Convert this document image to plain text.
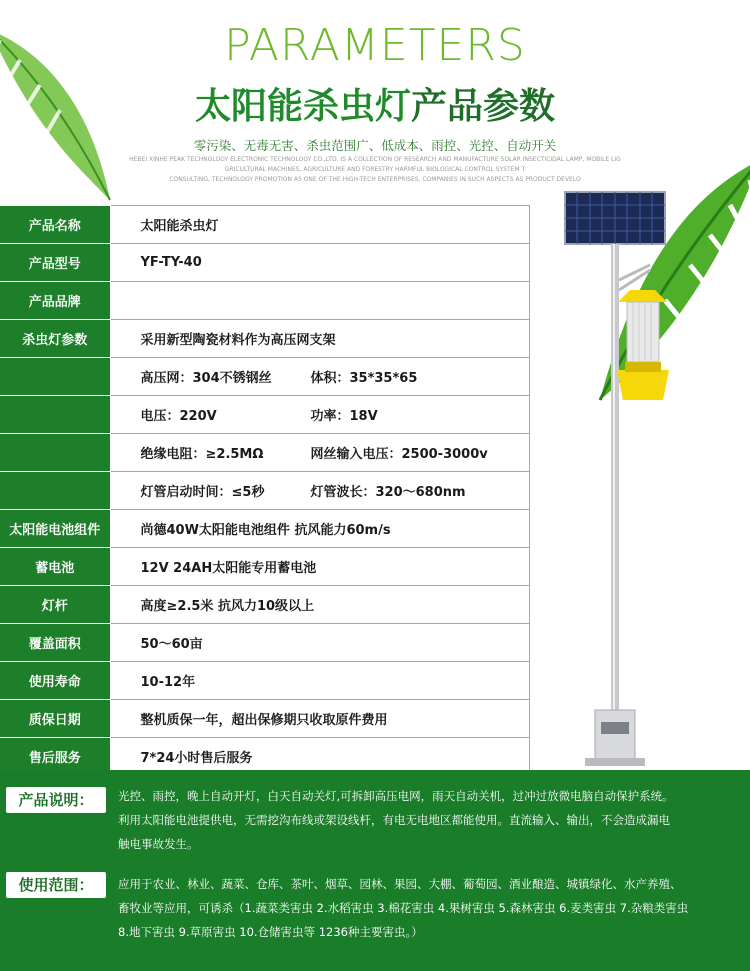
PARAMETERS
太阳能杀虫灯产品参数
零污染、无毒无害、杀虫范围广、低成本、雨控、光控、自动开关
HEBEI XINHE PEAK TECHNOLOGY ELECTRONIC TECHNOLOGY CO.,LTD. IS A COLLECTION OF RESEARCH AND MANUFACTURE SOLAR INSECTICIDAL LAMP, MOBILE LIG
GRICULTURAL MACHINES, AGRICULTURE AND FORESTRY HARMFUL BIOLOGICAL CONTROL SYSTEM T
CONSULTING, TECHNOLOGY PROMOTION AS ONE OF THE HIGH-TECH ENTERPRISES, COMPANIES IN SUCH ASPECTS AS PRODUCT DEVELO
产品名称	太阳能杀虫灯
产品型号	YF-TY-40
产品品牌	
杀虫灯参数	采用新型陶瓷材料作为高压网支架
	高压网：304不锈钢丝 体积：35*35*65
	电压：220V 功率：18V
	绝缘电阻：≥2.5MΩ 网丝输入电压：2500-3000v
	灯管启动时间：≤5秒 灯管波长：320～680nm
太阳能电池组件	尚德40W太阳能电池组件 抗风能力60m/s
蓄电池	12V 24AH太阳能专用蓄电池
灯杆	高度≥2.5米 抗风力10级以上
覆盖面积	50～60亩
使用寿命	10-12年
质保日期	整机质保一年，超出保修期只收取原件费用
售后服务	7*24小时售后服务
产品说明：	光控、雨控，晚上自动开灯，白天自动关灯,可拆卸高压电网，雨天自动关机，过冲过放微电脑自动保护系统。
利用太阳能电池提供电，无需挖沟布线或架设线杆，有电无电地区都能使用。直流输入、输出，不会造成漏电
触电事故发生。
使用范围：	应用于农业、林业、蔬菜、仓库、茶叶、烟草、园林、果园、大棚、葡萄园、酒业酿造、城镇绿化、水产养殖、
畜牧业等应用，可诱杀（1.蔬菜类害虫 2.水稻害虫 3.棉花害虫 4.果树害虫 5.森林害虫 6.麦类害虫 7.杂粮类害虫
8.地下害虫 9.草原害虫 10.仓储害虫等 1236种主要害虫。）
